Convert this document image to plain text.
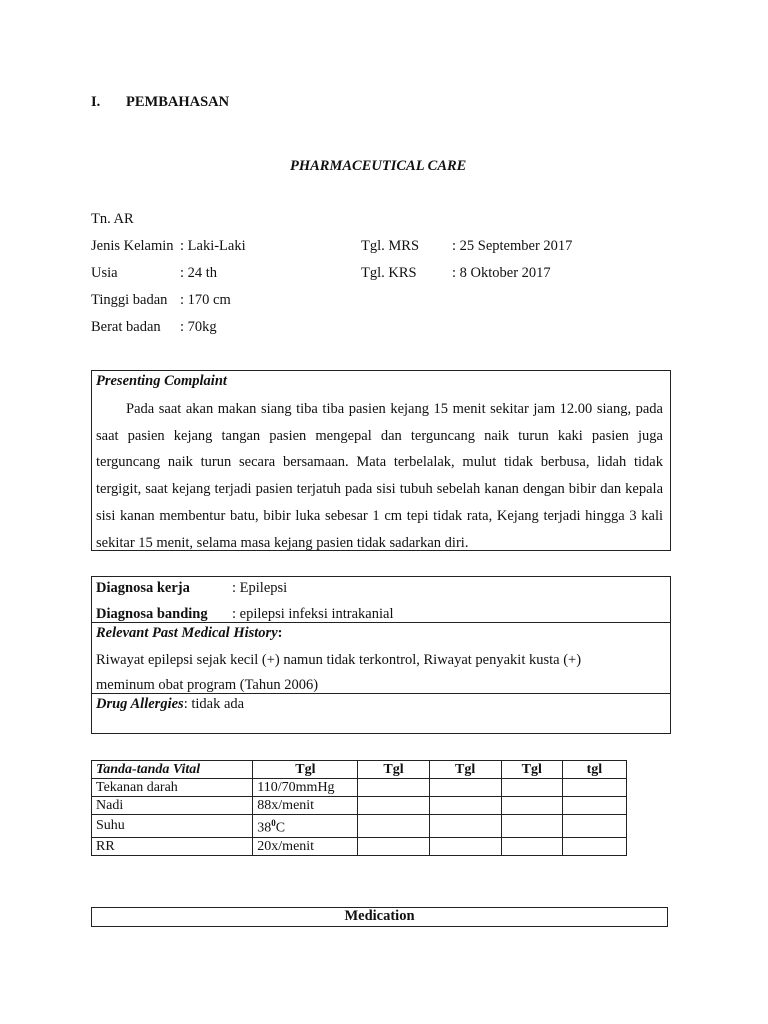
I. PEMBAHASAN
PHARMACEUTICAL CARE
Tn. AR
Jenis Kelamin : Laki-Laki	Tgl. MRS : 25 September 2017
Usia	: 24 th	Tgl. KRS : 8 Oktober 2017
Tinggi badan : 170 cm
Berat badan : 70kg
Presenting Complaint
Pada saat akan makan siang tiba tiba pasien kejang 15 menit sekitar jam 12.00 siang, pada saat pasien kejang tangan pasien mengepal dan terguncang naik turun kaki pasien juga terguncang naik turun secara bersamaan. Mata terbelalak, mulut tidak berbusa, lidah tidak tergigit, saat kejang terjadi pasien terjatuh pada sisi tubuh sebelah kanan dengan bibir dan kepala sisi kanan membentur batu, bibir luka sebesar 1 cm tepi tidak rata, Kejang terjadi hingga 3 kali sekitar 15 menit, selama masa kejang pasien tidak sadarkan diri.
Diagnosa kerja	: Epilepsi
Diagnosa banding : epilepsi infeksi intrakanial
Relevant Past Medical History:
Riwayat epilepsi sejak kecil (+) namun tidak terkontrol, Riwayat penyakit kusta (+)
meminum obat program (Tahun 2006)
Drug Allergies: tidak ada
Tanda-tanda Vital	Tgl	Tgl	Tgl	Tgl	tgl
Tekanan darah	110/70mmHg				
Nadi	88x/menit				
Suhu	$38^0C$				
RR	20x/menit				
Medication
